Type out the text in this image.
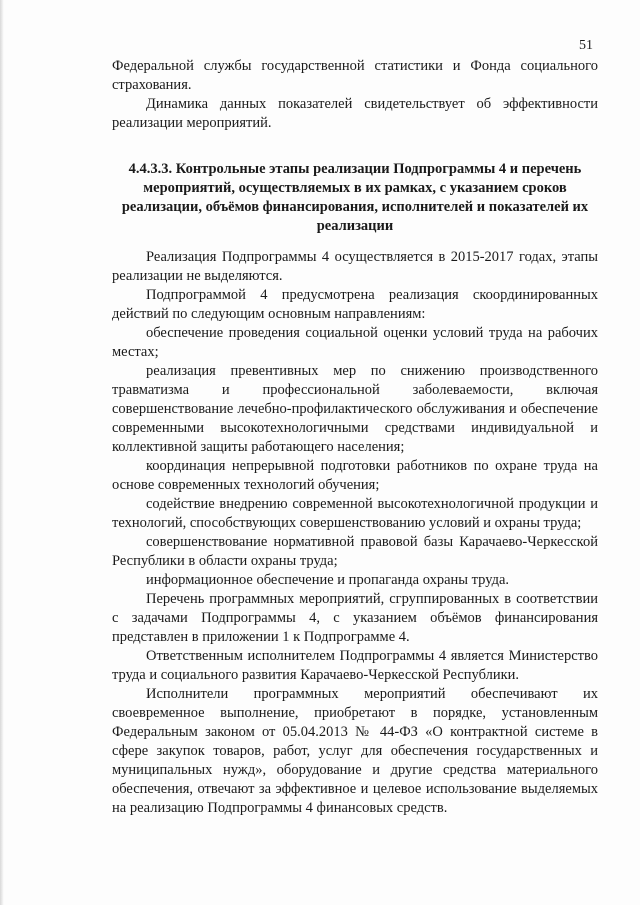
51

Федеральной службы государственной статистики и Фонда социального страхования.

Динамика данных показателей свидетельствует об эффективности реализации мероприятий.

4.4.3.3. Контрольные этапы реализации Подпрограммы 4 и перечень мероприятий, осуществляемых в их рамках, с указанием сроков реализации, объёмов финансирования, исполнителей и показателей их реализации

Реализация Подпрограммы 4 осуществляется в 2015-2017 годах, этапы реализации не выделяются.

Подпрограммой 4 предусмотрена реализация скоординированных действий по следующим основным направлениям:

обеспечение проведения социальной оценки условий труда на рабочих местах;

реализация превентивных мер по снижению производственного травматизма и профессиональной заболеваемости, включая совершенствование лечебно-профилактического обслуживания и обеспечение современными высокотехнологичными средствами индивидуальной и коллективной защиты работающего населения;

координация непрерывной подготовки работников по охране труда на основе современных технологий обучения;

содействие внедрению современной высокотехнологичной продукции и технологий, способствующих совершенствованию условий и охраны труда;

совершенствование нормативной правовой базы Карачаево-Черкесской Республики в области охраны труда;

информационное обеспечение и пропаганда охраны труда.

Перечень программных мероприятий, сгруппированных в соответствии с задачами Подпрограммы 4, с указанием объёмов финансирования представлен в приложении 1 к Подпрограмме 4.

Ответственным исполнителем Подпрограммы 4 является Министерство труда и социального развития Карачаево-Черкесской Республики.

Исполнители программных мероприятий обеспечивают их своевременное выполнение, приобретают в порядке, установленным Федеральным законом от 05.04.2013 № 44-ФЗ «О контрактной системе в сфере закупок товаров, работ, услуг для обеспечения государственных и муниципальных нужд», оборудование и другие средства материального обеспечения, отвечают за эффективное и целевое использование выделяемых на реализацию Подпрограммы 4 финансовых средств.
